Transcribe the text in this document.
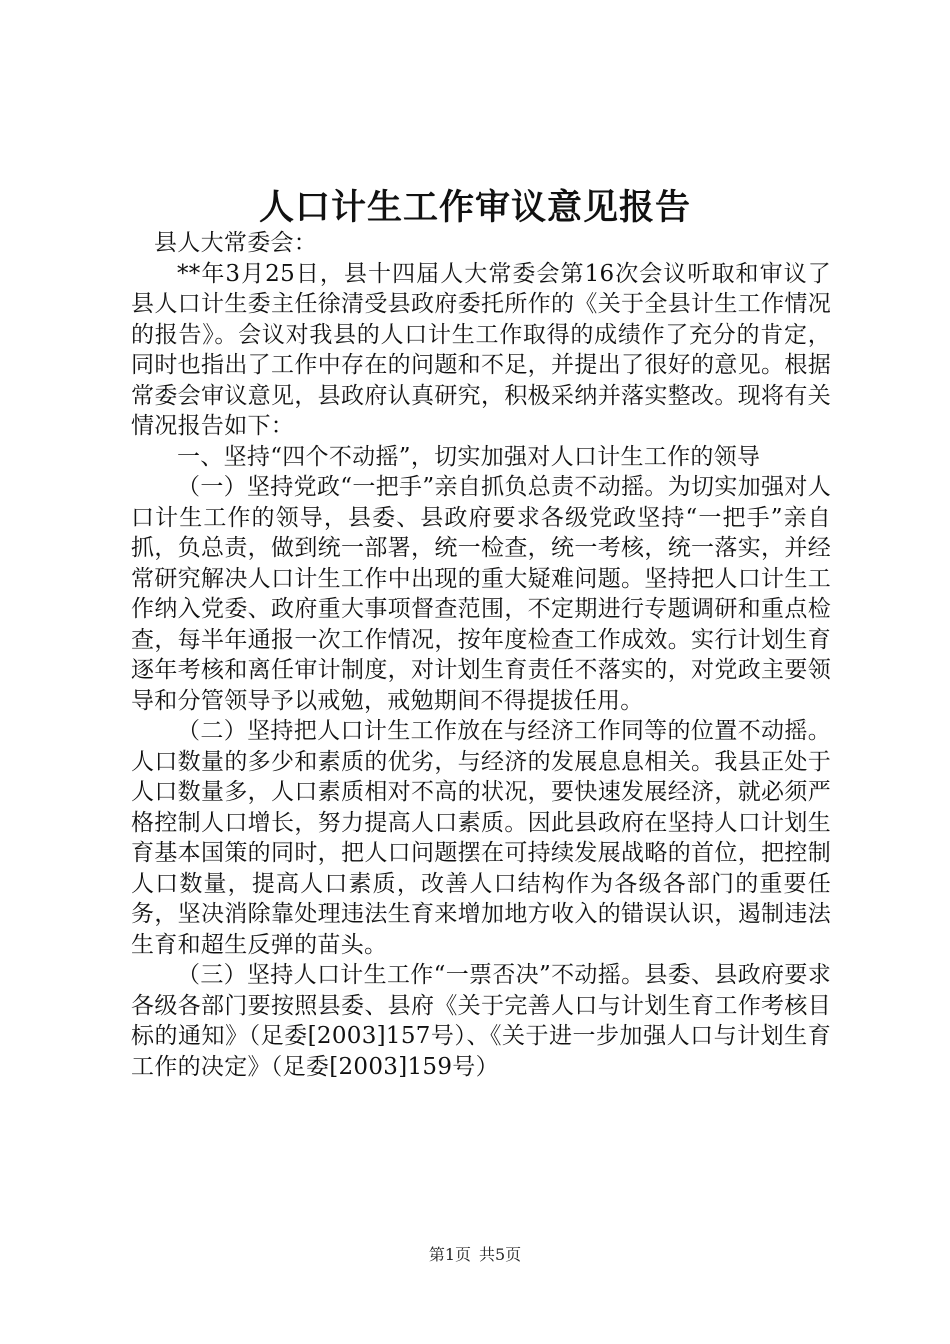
人口计生工作审议意见报告

县人大常委会：

**年3月25日，县十四届人大常委会第16次会议听取和审议了县人口计生委主任徐清受县政府委托所作的《关于全县计生工作情况的报告》。会议对我县的人口计生工作取得的成绩作了充分的肯定，同时也指出了工作中存在的问题和不足，并提出了很好的意见。根据常委会审议意见，县政府认真研究，积极采纳并落实整改。现将有关情况报告如下：

一、坚持“四个不动摇”，切实加强对人口计生工作的领导

（一）坚持党政“一把手”亲自抓负总责不动摇。为切实加强对人口计生工作的领导，县委、县政府要求各级党政坚持“一把手”亲自抓，负总责，做到统一部署，统一检查，统一考核，统一落实，并经常研究解决人口计生工作中出现的重大疑难问题。坚持把人口计生工作纳入党委、政府重大事项督查范围，不定期进行专题调研和重点检查，每半年通报一次工作情况，按年度检查工作成效。实行计划生育逐年考核和离任审计制度，对计划生育责任不落实的，对党政主要领导和分管领导予以戒勉，戒勉期间不得提拔任用。

（二）坚持把人口计生工作放在与经济工作同等的位置不动摇。人口数量的多少和素质的优劣，与经济的发展息息相关。我县正处于人口数量多，人口素质相对不高的状况，要快速发展经济，就必须严格控制人口增长，努力提高人口素质。因此县政府在坚持人口计划生育基本国策的同时，把人口问题摆在可持续发展战略的首位，把控制人口数量，提高人口素质，改善人口结构作为各级各部门的重要任务，坚决消除靠处理违法生育来增加地方收入的错误认识，遏制违法生育和超生反弹的苗头。

（三）坚持人口计生工作“一票否决”不动摇。县委、县政府要求各级各部门要按照县委、县府《关于完善人口与计划生育工作考核目标的通知》（足委[2003]157号）、《关于进一步加强人口与计划生育工作的决定》（足委[2003]159号）

第1页 共5页
